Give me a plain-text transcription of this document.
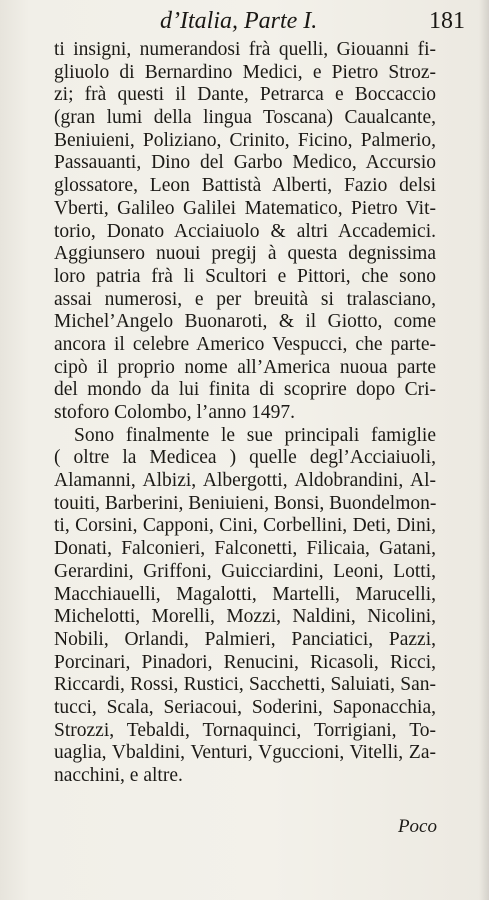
d’Italia, Parte I.	181
ti insigni, numerandosi frà quelli, Giouanni fi-
gliuolo di Bernardino Medici, e Pietro Stroz-
zi; frà questi il Dante, Petrarca e Boccaccio
(gran lumi della lingua Toscana) Caualcante,
Beniuieni, Poliziano, Crinito, Ficino, Palmerio,
Passauanti, Dino del Garbo Medico, Accursio
glossatore, Leon Battistà Alberti, Fazio delsi
Vberti, Galileo Galilei Matematico, Pietro Vit-
torio, Donato Acciaiuolo & altri Accademici.
Aggiunsero nuoui pregij à questa degnissima
loro patria frà li Scultori e Pittori, che sono
assai numerosi, e per breuità si tralasciano,
Michel’Angelo Buonaroti, & il Giotto, come
ancora il celebre Americo Vespucci, che parte-
cipò il proprio nome all’America nuoua parte
del mondo da lui finita di scoprire dopo Cri-
stoforo Colombo, l’anno 1497.
Sono finalmente le sue principali famiglie
( oltre la Medicea ) quelle degl’Acciaiuoli,
Alamanni, Albizi, Albergotti, Aldobrandini, Al-
touiti, Barberini, Beniuieni, Bonsi, Buondelmon-
ti, Corsini, Capponi, Cini, Corbellini, Deti, Dini,
Donati, Falconieri, Falconetti, Filicaia, Gatani,
Gerardini, Griffoni, Guicciardini, Leoni, Lotti,
Macchiauelli, Magalotti, Martelli, Marucelli,
Michelotti, Morelli, Mozzi, Naldini, Nicolini,
Nobili, Orlandi, Palmieri, Panciatici, Pazzi,
Porcinari, Pinadori, Renucini, Ricasoli, Ricci,
Riccardi, Rossi, Rustici, Sacchetti, Saluiati, San-
tucci, Scala, Seriacoui, Soderini, Saponacchia,
Strozzi, Tebaldi, Tornaquinci, Torrigiani, To-
uaglia, Vbaldini, Venturi, Vguccioni, Vitelli, Za-
nacchini, e altre.
Poco
